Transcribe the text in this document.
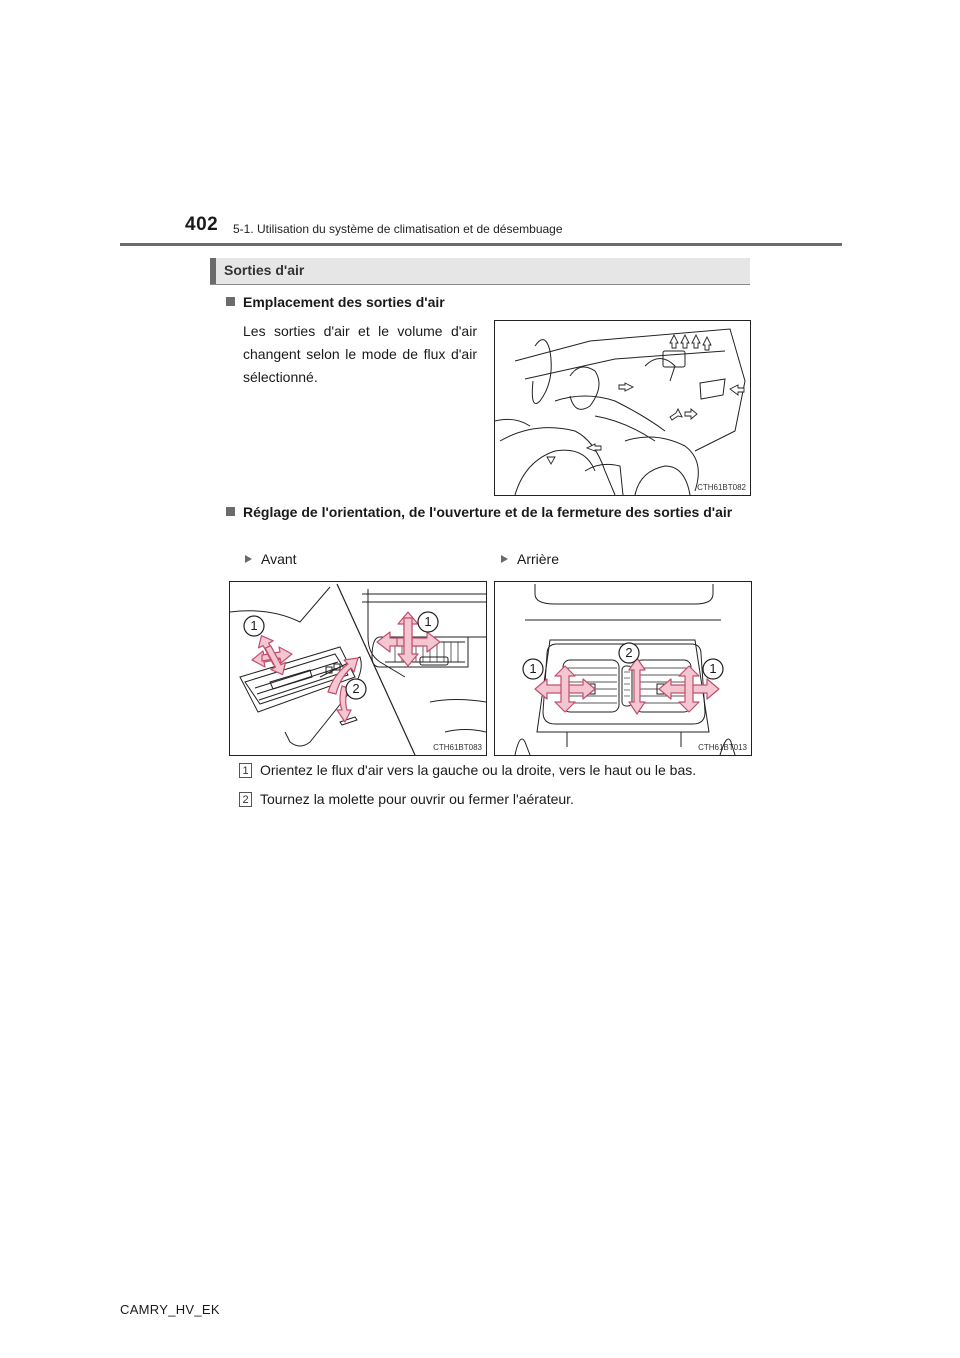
402 5-1. Utilisation du système de climatisation et de désembuage
Sorties d'air
Emplacement des sorties d'air
Les sorties d'air et le volume d'air changent selon le mode de flux d'air sélectionné.
CTH61BT082
Réglage de l'orientation, de l'ouverture et de la fermeture des sorties d'air
Avant	Arrière
CTH61BT083
1	1
2
CTH61BT013
1
2
1
1 Orientez le flux d'air vers la gauche ou la droite, vers le haut ou le bas.
2 Tournez la molette pour ouvrir ou fermer l'aérateur.
CAMRY_HV_EK
